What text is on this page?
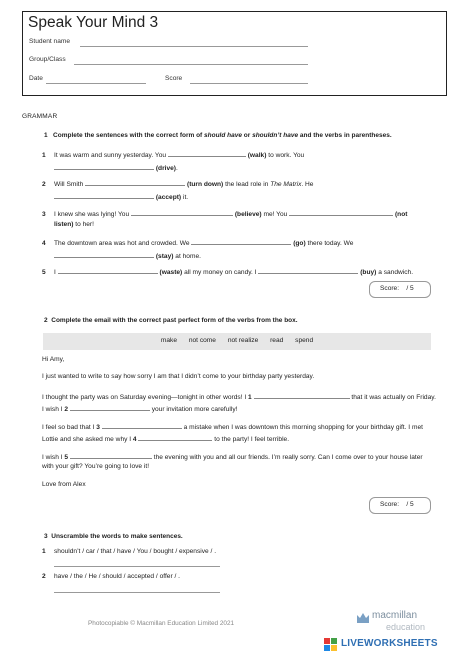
Speak Your Mind 3
Student name
Group/Class
Date	Score
GRAMMAR
1 Complete the sentences with the correct form of should have or shouldn’t have and the verbs in parentheses.
1 It was warm and sunny yesterday. You	(walk) to work. You
(drive).
2 Will Smith	(turn down) the lead role in The Matrix. He
(accept) it.
3 I knew she was lying! You	(believe) me! You	(not
listen) to her!
4 The downtown area was hot and crowded. We	(go) there today. We
(stay) at home.
5 I	(waste) all my money on candy. I	(buy) a sandwich.
Score: / 5
2 Complete the email with the correct past perfect form of the verbs from the box.
make not come not realize read spend
Hi Amy,
I just wanted to write to say how sorry I am that I didn’t come to your birthday party yesterday.
I thought the party was on Saturday evening—tonight in other words! I 1	that it was actually on Friday.
I wish I 2	your invitation more carefully!
I feel so bad that I 3	a mistake when I was downtown this morning shopping for your birthday gift. I met
Lottie and she asked me why I 4	to the party! I feel terrible.
I wish I 5	the evening with you and all our friends. I’m really sorry. Can I come over to your house later
with your gift? You’re going to love it!
Love from Alex
Score: / 5
3 Unscramble the words to make sentences.
1 shouldn’t / car / that / have / You / bought / expensive / .
2 have / the / He / should / accepted / offer / .
Photocopiable © Macmillan Education Limited 2021
macmillan
education
LIVEWORKSHEETS
